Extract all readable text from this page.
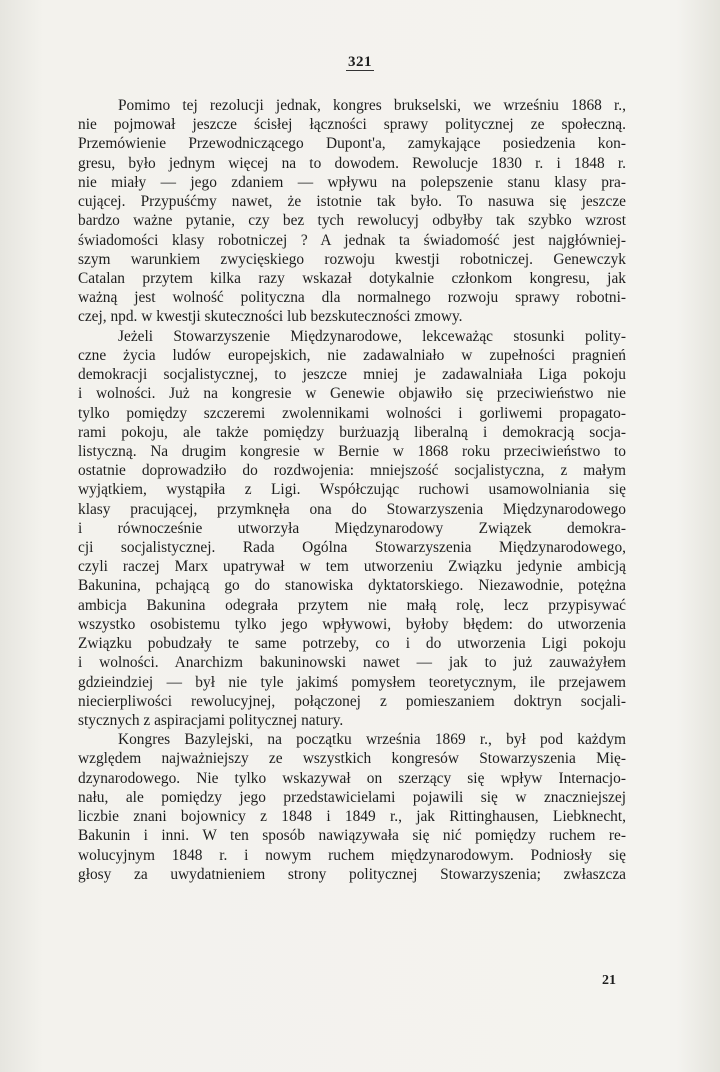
321
Pomimo tej rezolucji jednak, kongres brukselski, we wrześniu 1868 r.,
nie pojmował jeszcze ścisłej łączności sprawy politycznej ze społeczną.
Przemówienie Przewodniczącego Dupont'a, zamykające posiedzenia kon-
gresu, było jednym więcej na to dowodem. Rewolucje 1830 r. i 1848 r.
nie miały — jego zdaniem — wpływu na polepszenie stanu klasy pra-
cującej. Przypuśćmy nawet, że istotnie tak było. To nasuwa się jeszcze
bardzo ważne pytanie, czy bez tych rewolucyj odbyłby tak szybko wzrost
świadomości klasy robotniczej ? A jednak ta świadomość jest najgłówniej-
szym warunkiem zwycięskiego rozwoju kwestji robotniczej. Genewczyk
Catalan przytem kilka razy wskazał dotykalnie członkom kongresu, jak
ważną jest wolność polityczna dla normalnego rozwoju sprawy robotni-
czej, npd. w kwestji skuteczności lub bezskuteczności zmowy.
Jeżeli Stowarzyszenie Międzynarodowe, lekceważąc stosunki polity-
czne życia ludów europejskich, nie zadawalniało w zupełności pragnień
demokracji socjalistycznej, to jeszcze mniej je zadawalniała Liga pokoju
i wolności. Już na kongresie w Genewie objawiło się przeciwieństwo nie
tylko pomiędzy szczeremi zwolennikami wolności i gorliwemi propagato-
rami pokoju, ale także pomiędzy burżuazją liberalną i demokracją socja-
listyczną. Na drugim kongresie w Bernie w 1868 roku przeciwieństwo to
ostatnie doprowadziło do rozdwojenia: mniejszość socjalistyczna, z małym
wyjątkiem, wystąpiła z Ligi. Współczując ruchowi usamowolniania się
klasy pracującej, przymknęła ona do Stowarzyszenia Międzynarodowego
i równocześnie utworzyła Międzynarodowy Związek demokra-
cji socjalistycznej. Rada Ogólna Stowarzyszenia Międzynarodowego,
czyli raczej Marx upatrywał w tem utworzeniu Związku jedynie ambicją
Bakunina, pchającą go do stanowiska dyktatorskiego. Niezawodnie, potężna
ambicja Bakunina odegrała przytem nie małą rolę, lecz przypisywać
wszystko osobistemu tylko jego wpływowi, byłoby błędem: do utworzenia
Związku pobudzały te same potrzeby, co i do utworzenia Ligi pokoju
i wolności. Anarchizm bakuninowski nawet — jak to już zauważyłem
gdzieindziej — był nie tyle jakimś pomysłem teoretycznym, ile przejawem
niecierpliwości rewolucyjnej, połączonej z pomieszaniem doktryn socjali-
stycznych z aspiracjami politycznej natury.
Kongres Bazylejski, na początku września 1869 r., był pod każdym
względem najważniejszy ze wszystkich kongresów Stowarzyszenia Mię-
dzynarodowego. Nie tylko wskazywał on szerzący się wpływ Internacjo-
nału, ale pomiędzy jego przedstawicielami pojawili się w znaczniejszej
liczbie znani bojownicy z 1848 i 1849 r., jak Rittinghausen, Liebknecht,
Bakunin i inni. W ten sposób nawiązywała się nić pomiędzy ruchem re-
wolucyjnym 1848 r. i nowym ruchem międzynarodowym. Podniosły się
głosy za uwydatnieniem strony politycznej Stowarzyszenia; zwłaszcza
21
